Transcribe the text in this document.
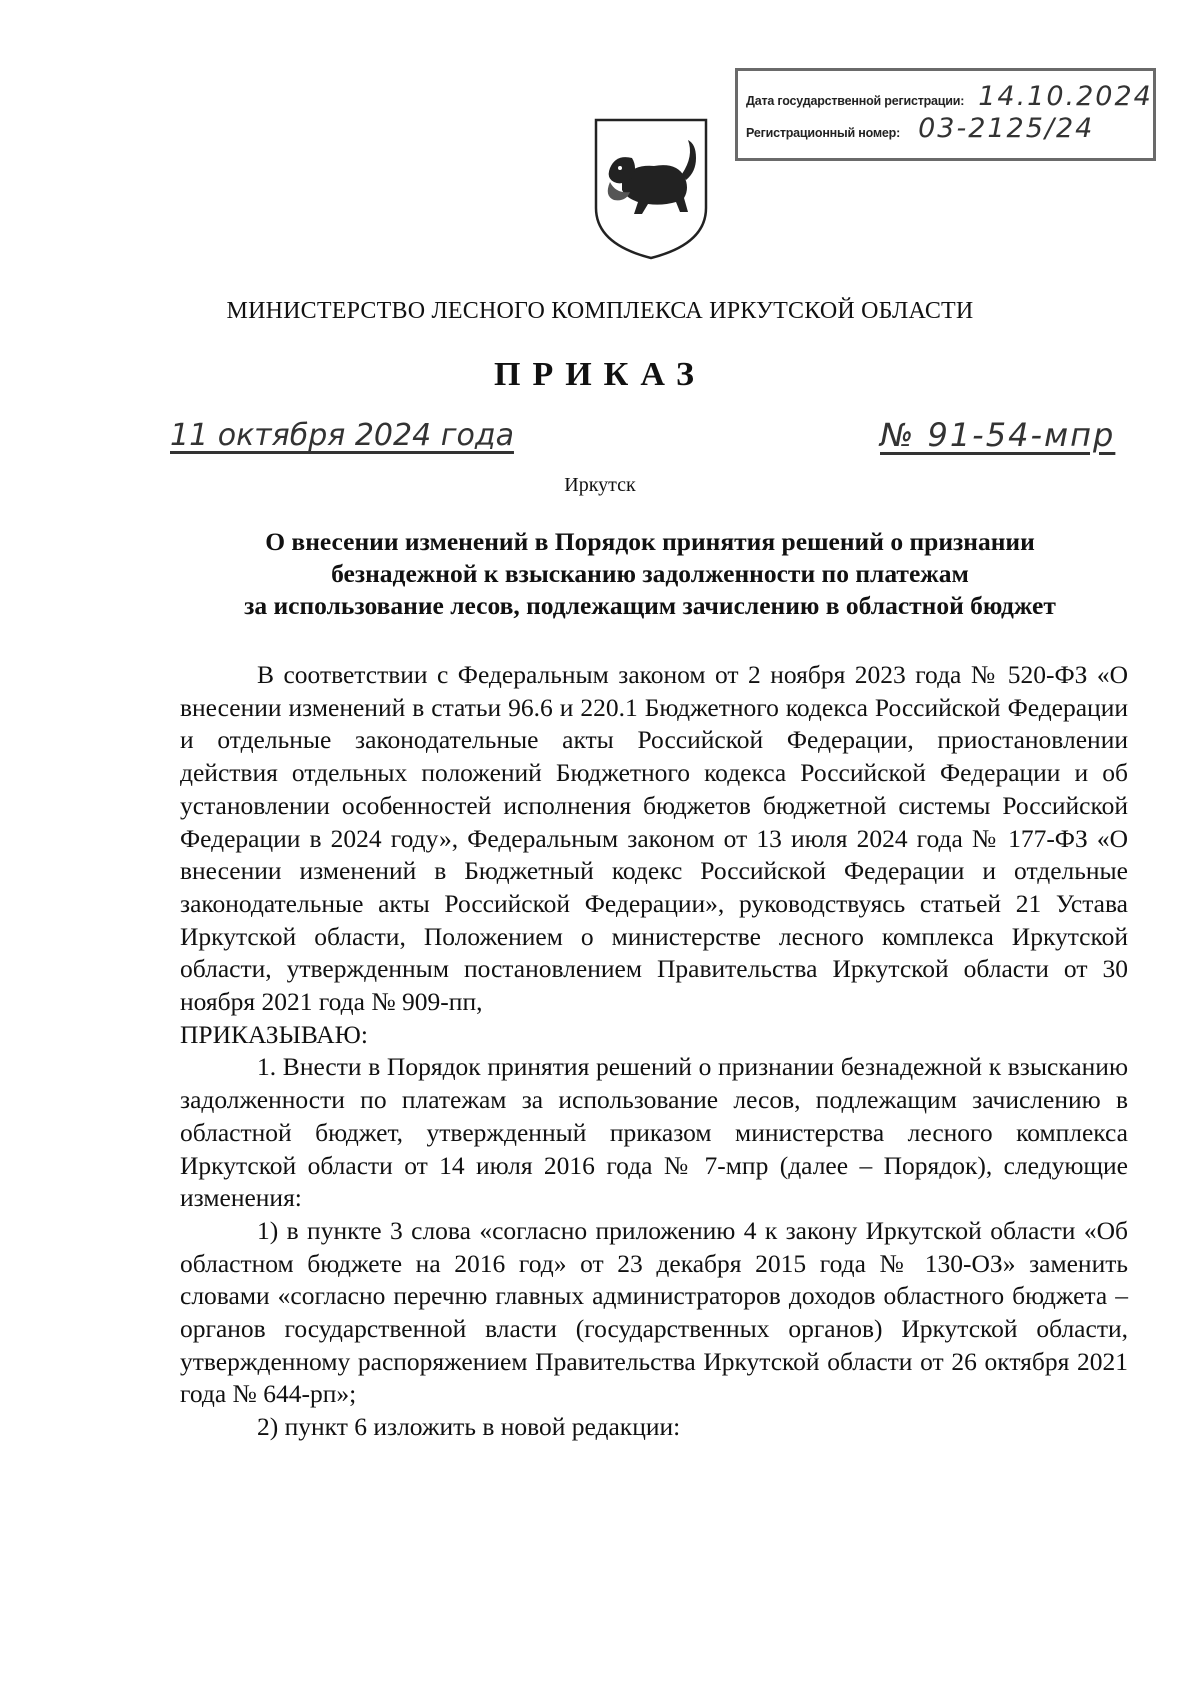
Дата государственной регистрации: 14.10.2024
Регистрационный номер: 03-2125/24
МИНИСТЕРСТВО ЛЕСНОГО КОМПЛЕКСА ИРКУТСКОЙ ОБЛАСТИ
ПРИКАЗ
11 октября 2024 года	№ 91-54-мпр
Иркутск
О внесении изменений в Порядок принятия решений о признании
безнадежной к взысканию задолженности по платежам
за использование лесов, подлежащим зачислению в областной бюджет

В соответствии с Федеральным законом от 2 ноября 2023 года № 520-ФЗ «О внесении изменений в статьи 96.6 и 220.1 Бюджетного кодекса Российской Федерации и отдельные законодательные акты Российской Федерации, приостановлении действия отдельных положений Бюджетного кодекса Российской Федерации и об установлении особенностей исполнения бюджетов бюджетной системы Российской Федерации в 2024 году», Федеральным законом от 13 июля 2024 года № 177-ФЗ «О внесении изменений в Бюджетный кодекс Российской Федерации и отдельные законодательные акты Российской Федерации», руководствуясь статьей 21 Устава Иркутской области, Положением о министерстве лесного комплекса Иркутской области, утвержденным постановлением Правительства Иркутской области от 30 ноября 2021 года № 909-пп,

ПРИКАЗЫВАЮ:

1. Внести в Порядок принятия решений о признании безнадежной к взысканию задолженности по платежам за использование лесов, подлежащим зачислению в областной бюджет, утвержденный приказом министерства лесного комплекса Иркутской области от 14 июля 2016 года № 7-мпр (далее – Порядок), следующие изменения:

1) в пункте 3 слова «согласно приложению 4 к закону Иркутской области «Об областном бюджете на 2016 год» от 23 декабря 2015 года № 130-ОЗ» заменить словами «согласно перечню главных администраторов доходов областного бюджета – органов государственной власти (государственных органов) Иркутской области, утвержденному распоряжением Правительства Иркутской области от 26 октября 2021 года № 644-рп»;

2) пункт 6 изложить в новой редакции:
